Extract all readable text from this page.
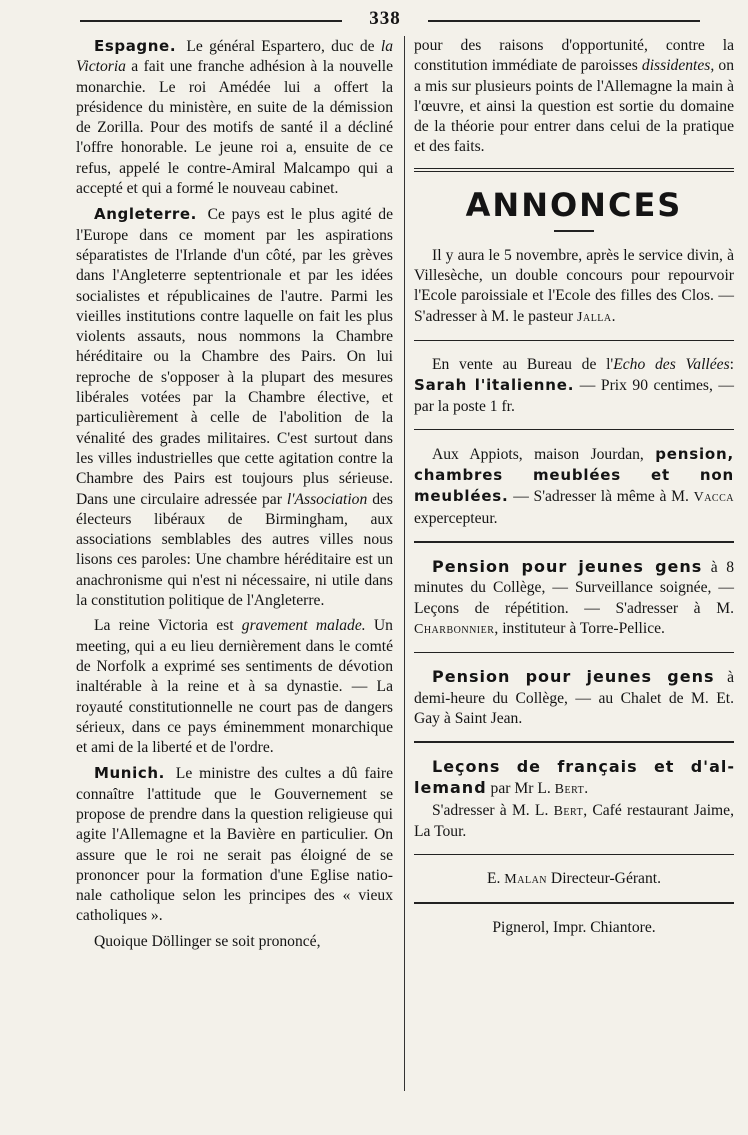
338

Espagne. Le général Espartero, duc de la Victoria a fait une franche adhésion à la nouvelle monarchie. Le roi Amédée lui a offert la présidence du ministère, en suite de la démission de Zorilla. Pour des motifs de santé il a décliné l'offre honorable. Le jeune roi a, ensuite de ce refus, appelé le contre-Amiral Malcampo qui a accepté et qui a formé le nouveau cabinet.

Angleterre. Ce pays est le plus agité de l'Europe dans ce moment par les aspirations séparatistes de l'Irlande d'un côté, par les grèves dans l'Angleterre septentrionale et par les idées socialistes et républicaines de l'autre. Parmi les vieilles institutions contre laquelle on fait les plus violents assauts, nous nommons la Chambre héréditaire ou la Chambre des Pairs. On lui reproche de s'opposer à la plupart des mesures libérales votées par la Chambre élective, et particulièrement à celle de l'abolition de la vénalité des grades militaires. C'est surtout dans les villes industrielles que cette agitation contre la Chambre des Pairs est toujours plus sérieuse. Dans une circulaire adressée par l'Association des électeurs libéraux de Birmingham, aux associations semblables des autres villes nous lisons ces paroles: Une chambre héréditaire est un anachronisme qui n'est ni nécessaire, ni utile dans la constitution politique de l'Angleterre.

La reine Victoria est gravement malade. Un meeting, qui a eu lieu dernièrement dans le comté de Norfolk a exprimé ses sentiments de dévotion inaltérable à la reine et à sa dynastie. — La royauté constitutionnelle ne court pas de dangers sérieux, dans ce pays éminemment monarchique et ami de la liberté et de l'ordre.

Munich. Le ministre des cultes a dû faire connaître l'attitude que le Gouvernement se propose de prendre dans la question religieuse qui agite l'Allemagne et la Bavière en particulier. On assure que le roi ne serait pas éloigné de se prononcer pour la formation d'une Eglise nationale catholique selon les principes des « vieux catholiques ».

Quoique Döllinger se soit prononcé,

pour des raisons d'opportunité, contre la constitution immédiate de paroisses dissidentes, on a mis sur plusieurs points de l'Allemagne la main à l'œuvre, et ainsi la question est sortie du domaine de la théorie pour entrer dans celui de la pratique et des faits.

ANNONCES

Il y aura le 5 novembre, après le service divin, à Villesèche, un double concours pour repourvoir l'Ecole paroissiale et l'Ecole des filles des Clos. — S'adresser à M. le pasteur Jalla.

En vente au Bureau de l'Echo des Vallées: Sarah l'italienne. — Prix 90 centimes, — par la poste 1 fr.

Aux Appiots, maison Jourdan, pension, chambres meublées et non meublées. — S'adresser là même à M. Vacca expercepteur.

Pension pour jeunes gens à 8 minutes du Collège, — Surveillance soignée, — Leçons de répétition. — S'adresser à M. Charbonnier, instituteur à Torre-Pellice.

Pension pour jeunes gens à demi-heure du Collège, — au Chalet de M. Et. Gay à Saint Jean.

Leçons de français et d'allemand par Mr L. Bert.

S'adresser à M. L. Bert, Café restaurant Jaime, La Tour.

E. Malan Directeur-Gérant.

Pignerol, Impr. Chiantore.
